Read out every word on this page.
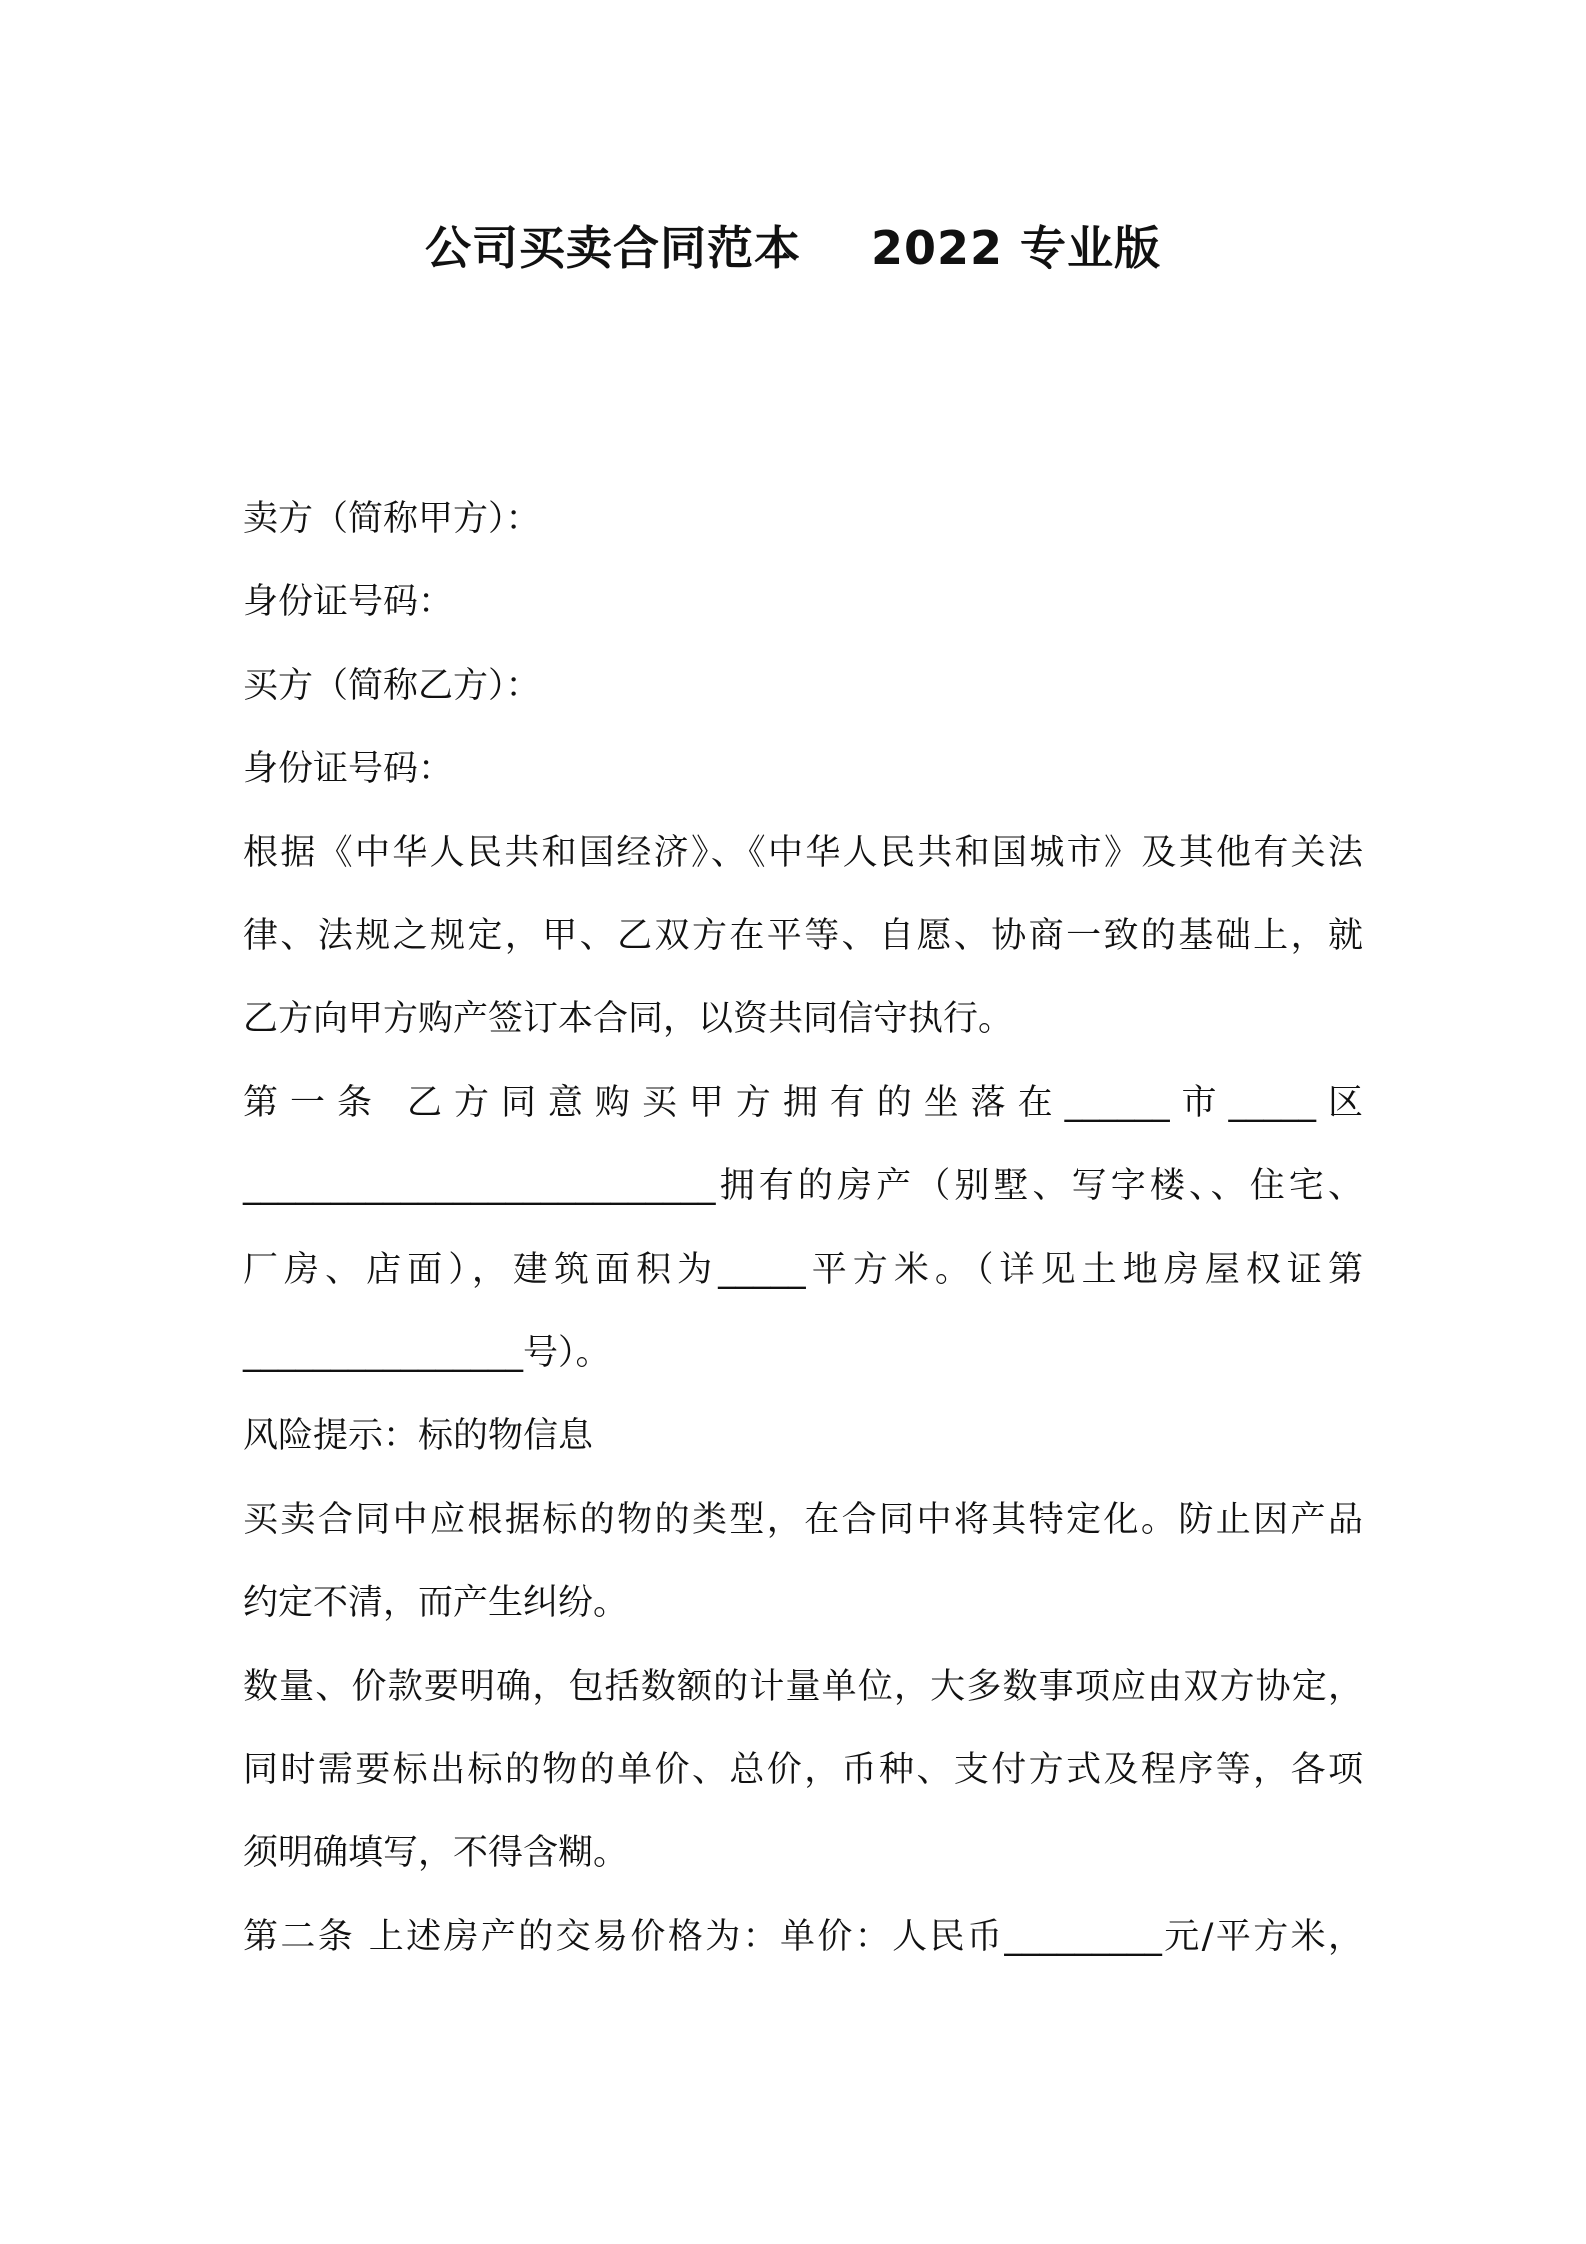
公司买卖合同范本 2022 专业版
卖方（简称甲方）：
身份证号码：
买方（简称乙方）：
身份证号码：
根据《中华人民共和国经济》、《中华人民共和国城市》及其他有关法
律、法规之规定，甲、乙双方在平等、自愿、协商一致的基础上，就
乙方向甲方购产签订本合同，以资共同信守执行。
第一条 乙方同意购买甲方拥有的坐落在______市_____区
___________________________拥有的房产（别墅、写字楼、、住宅、
厂房、店面），建筑面积为_____平方米。（详见土地房屋权证第
________________号）。
风险提示：标的物信息
买卖合同中应根据标的物的类型，在合同中将其特定化。防止因产品
约定不清，而产生纠纷。
数量、价款要明确，包括数额的计量单位，大多数事项应由双方协定，
同时需要标出标的物的单价、总价，币种、支付方式及程序等，各项
须明确填写，不得含糊。
第二条 上述房产的交易价格为：单价：人民币_________元/平方米，
